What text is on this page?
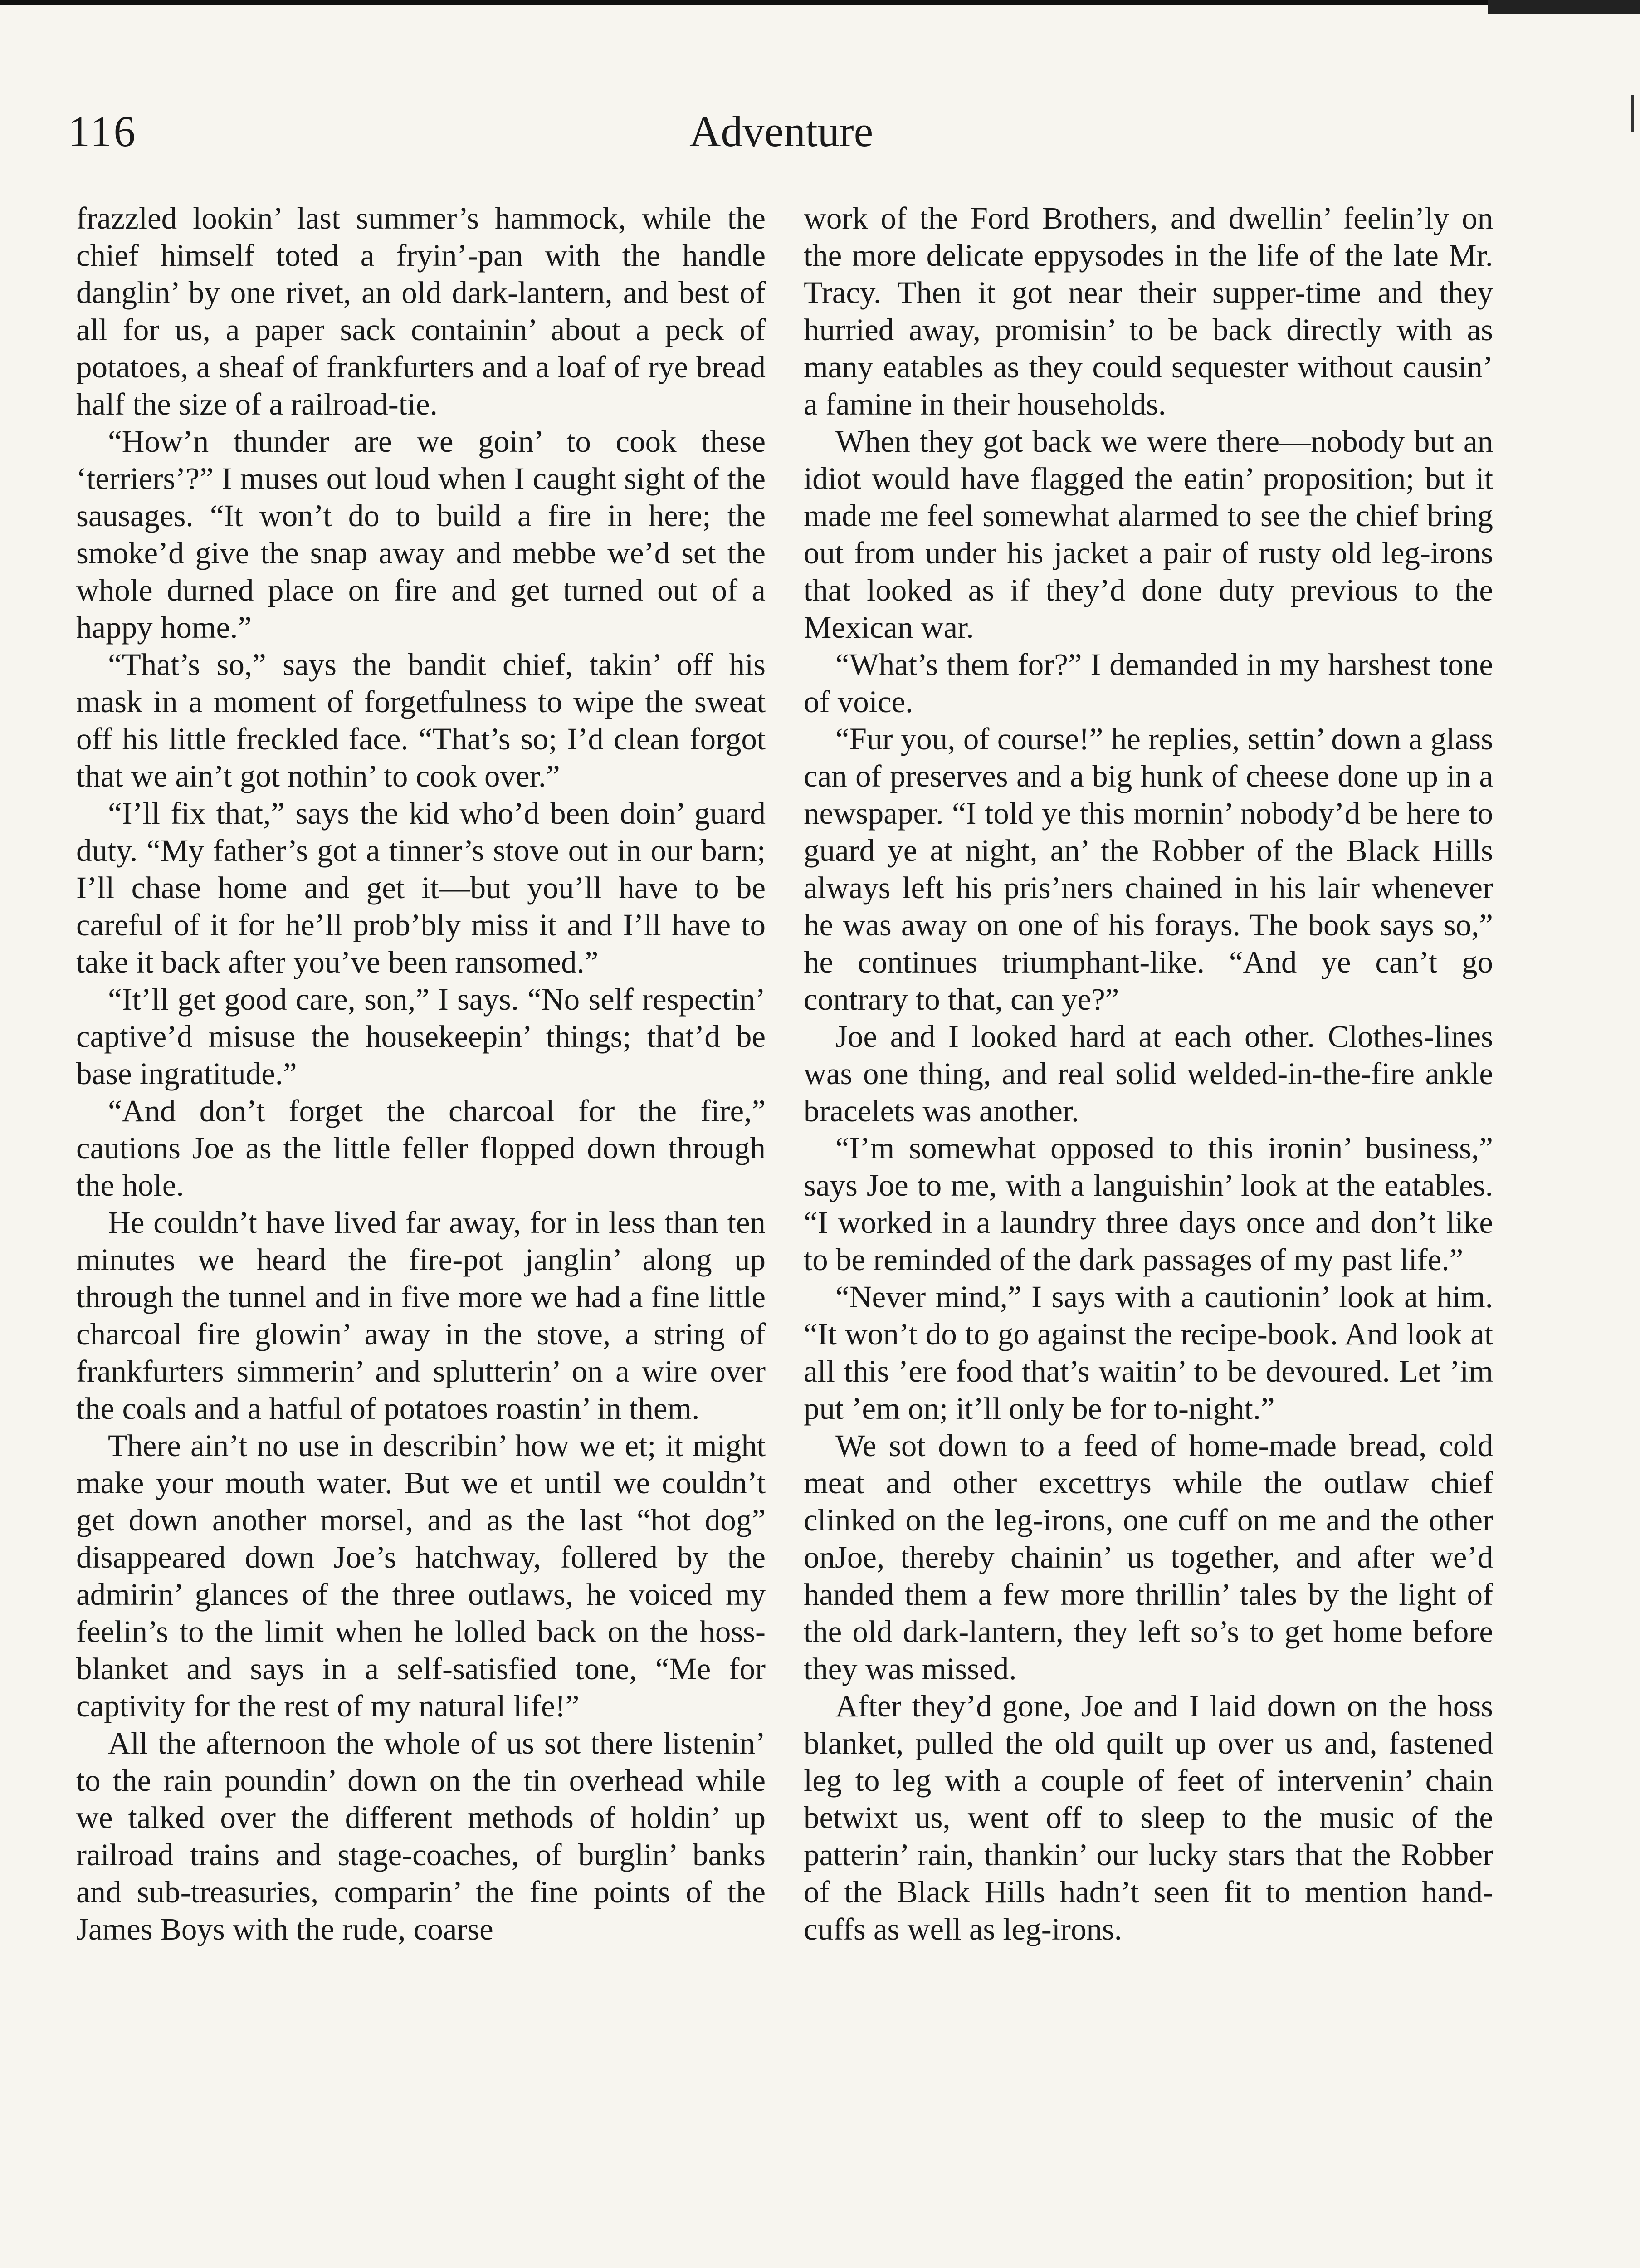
116	Adventure

frazzled lookin’ last summer’s hammock, while the chief himself toted a fryin’-pan with the handle danglin’ by one rivet, an old dark-lantern, and best of all for us, a paper sack containin’ about a peck of potatoes, a sheaf of frankfurters and a loaf of rye bread half the size of a railroad-tie.

“How’n thunder are we goin’ to cook these ‘terriers’?” I muses out loud when I caught sight of the sausages. “It won’t do to build a fire in here; the smoke’d give the snap away and mebbe we’d set the whole durned place on fire and get turned out of a happy home.”

“That’s so,” says the bandit chief, takin’ off his mask in a moment of forgetfulness to wipe the sweat off his little freckled face. “That’s so; I’d clean forgot that we ain’t got nothin’ to cook over.”

“I’ll fix that,” says the kid who’d been doin’ guard duty. “My father’s got a tinner’s stove out in our barn; I’ll chase home and get it—but you’ll have to be careful of it for he’ll prob’bly miss it and I’ll have to take it back after you’ve been ransomed.”

“It’ll get good care, son,” I says. “No self respectin’ captive’d misuse the housekeepin’ things; that’d be base ingratitude.”

“And don’t forget the charcoal for the fire,” cautions Joe as the little feller flopped down through the hole.

He couldn’t have lived far away, for in less than ten minutes we heard the fire-pot janglin’ along up through the tunnel and in five more we had a fine little charcoal fire glowin’ away in the stove, a string of frankfurters simmerin’ and splutterin’ on a wire over the coals and a hatful of potatoes roastin’ in them.

There ain’t no use in describin’ how we et; it might make your mouth water. But we et until we couldn’t get down another morsel, and as the last “hot dog” disappeared down Joe’s hatchway, follered by the admirin’ glances of the three outlaws, he voiced my feelin’s to the limit when he lolled back on the hoss-blanket and says in a self-satisfied tone, “Me for captivity for the rest of my natural life!”

All the afternoon the whole of us sot there listenin’ to the rain poundin’ down on the tin overhead while we talked over the different methods of holdin’ up railroad trains and stage-coaches, of burglin’ banks and sub-treasuries, comparin’ the fine points of the James Boys with the rude, coarse

work of the Ford Brothers, and dwellin’ feelin’ly on the more delicate eppysodes in the life of the late Mr. Tracy. Then it got near their supper-time and they hurried away, promisin’ to be back directly with as many eatables as they could sequester without causin’ a famine in their households.

When they got back we were there—nobody but an idiot would have flagged the eatin’ proposition; but it made me feel somewhat alarmed to see the chief bring out from under his jacket a pair of rusty old leg-irons that looked as if they’d done duty previous to the Mexican war.

“What’s them for?” I demanded in my harshest tone of voice.

“Fur you, of course!” he replies, settin’ down a glass can of preserves and a big hunk of cheese done up in a newspaper. “I told ye this mornin’ nobody’d be here to guard ye at night, an’ the Robber of the Black Hills always left his pris’ners chained in his lair whenever he was away on one of his forays. The book says so,” he continues triumphant-like. “And ye can’t go contrary to that, can ye?”

Joe and I looked hard at each other. Clothes-lines was one thing, and real solid welded-in-the-fire ankle bracelets was another.

“I’m somewhat opposed to this ironin’ business,” says Joe to me, with a languishin’ look at the eatables. “I worked in a laundry three days once and don’t like to be reminded of the dark passages of my past life.”

“Never mind,” I says with a cautionin’ look at him. “It won’t do to go against the recipe-book. And look at all this ’ere food that’s waitin’ to be devoured. Let ’im put ’em on; it’ll only be for to-night.”

We sot down to a feed of home-made bread, cold meat and other excettrys while the outlaw chief clinked on the leg-irons, one cuff on me and the other onJoe, thereby chainin’ us together, and after we’d handed them a few more thrillin’ tales by the light of the old dark-lantern, they left so’s to get home before they was missed.

After they’d gone, Joe and I laid down on the hoss blanket, pulled the old quilt up over us and, fastened leg to leg with a couple of feet of intervenin’ chain betwixt us, went off to sleep to the music of the patterin’ rain, thankin’ our lucky stars that the Robber of the Black Hills hadn’t seen fit to mention hand-cuffs as well as leg-irons.
